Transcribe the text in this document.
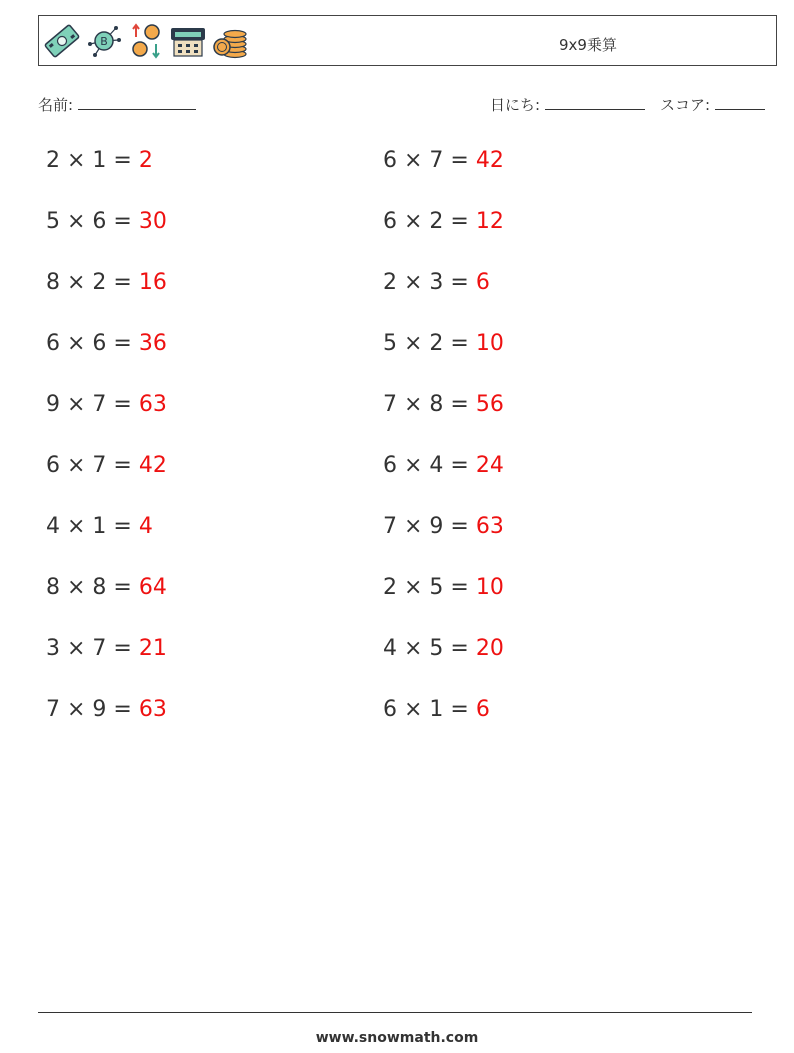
B	9x9乗算
名前:	日にち:	スコア:
2 × 1 = 2
5 × 6 = 30
8 × 2 = 16
6 × 6 = 36
9 × 7 = 63
6 × 7 = 42
4 × 1 = 4
8 × 8 = 64
3 × 7 = 21
7 × 9 = 63
6 × 7 = 42
6 × 2 = 12
2 × 3 = 6
5 × 2 = 10
7 × 8 = 56
6 × 4 = 24
7 × 9 = 63
2 × 5 = 10
4 × 5 = 20
6 × 1 = 6
www.snowmath.com
